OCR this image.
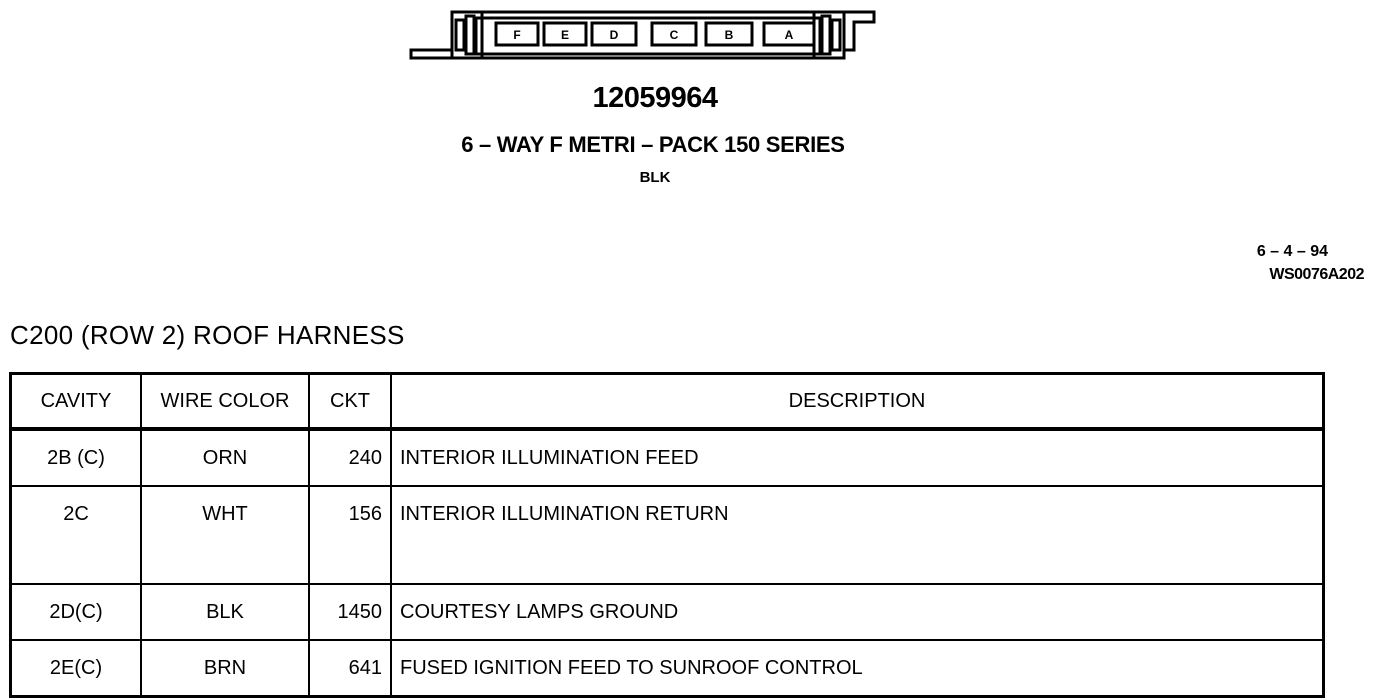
F	E	D	C	B	A
12059964
6 – WAY F METRI – PACK 150 SERIES
BLK
6 – 4 – 94
WS0076A202
C200 (ROW 2) ROOF HARNESS
CAVITY	WIRE COLOR	CKT	DESCRIPTION
2B (C)	ORN	240	INTERIOR ILLUMINATION FEED
2C	WHT	156	INTERIOR ILLUMINATION RETURN
2D(C)	BLK	1450	COURTESY LAMPS GROUND
2E(C)	BRN	641	FUSED IGNITION FEED TO SUNROOF CONTROL
